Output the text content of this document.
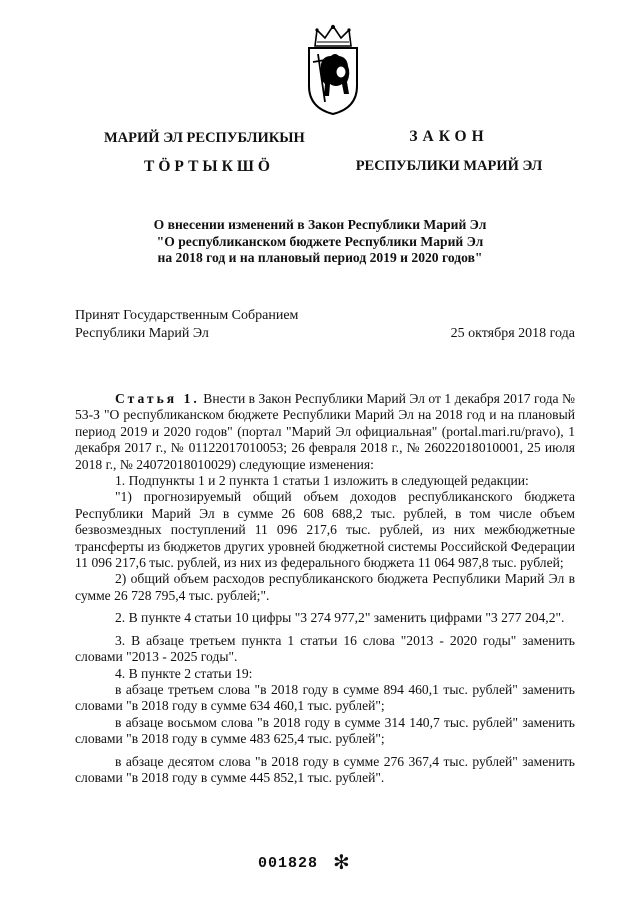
МАРИЙ ЭЛ РЕСПУБЛИКЫН
ТӦРТЫКШӦ
ЗАКОН
РЕСПУБЛИКИ МАРИЙ ЭЛ
О внесении изменений в Закон Республики Марий Эл
"О республиканском бюджете Республики Марий Эл
на 2018 год и на плановый период 2019 и 2020 годов"
Принят Государственным Собранием
Республики Марий Эл	25 октября 2018 года

Статья 1. Внести в Закон Республики Марий Эл от 1 декабря 2017 года № 53-З "О республиканском бюджете Республики Марий Эл на 2018 год и на плановый период 2019 и 2020 годов" (портал "Марий Эл официальная" (portal.mari.ru/pravo), 1 декабря 2017 г., № 01122017010053; 26 февраля 2018 г., № 26022018010001, 25 июля 2018 г., № 24072018010029) следующие изменения:

1. Подпункты 1 и 2 пункта 1 статьи 1 изложить в следующей редакции:

"1) прогнозируемый общий объем доходов республиканского бюджета Республики Марий Эл в сумме 26 608 688,2 тыс. рублей, в том числе объем безвозмездных поступлений 11 096 217,6 тыс. рублей, из них межбюджетные трансферты из бюджетов других уровней бюджетной системы Российской Федерации 11 096 217,6 тыс. рублей, из них из федерального бюджета 11 064 987,8 тыс. рублей;

2) общий объем расходов республиканского бюджета Республики Марий Эл в сумме 26 728 795,4 тыс. рублей;".

2. В пункте 4 статьи 10 цифры "3 274 977,2" заменить цифрами "3 277 204,2".

3. В абзаце третьем пункта 1 статьи 16 слова "2013 - 2020 годы" заменить словами "2013 - 2025 годы".

4. В пункте 2 статьи 19:

в абзаце третьем слова "в 2018 году в сумме 894 460,1 тыс. рублей" заменить словами "в 2018 году в сумме 634 460,1 тыс. рублей";

в абзаце восьмом слова "в 2018 году в сумме 314 140,7 тыс. рублей" заменить словами "в 2018 году в сумме 483 625,4 тыс. рублей";

в абзаце десятом слова "в 2018 году в сумме 276 367,4 тыс. рублей" заменить словами "в 2018 году в сумме 445 852,1 тыс. рублей".

001828 ✻
